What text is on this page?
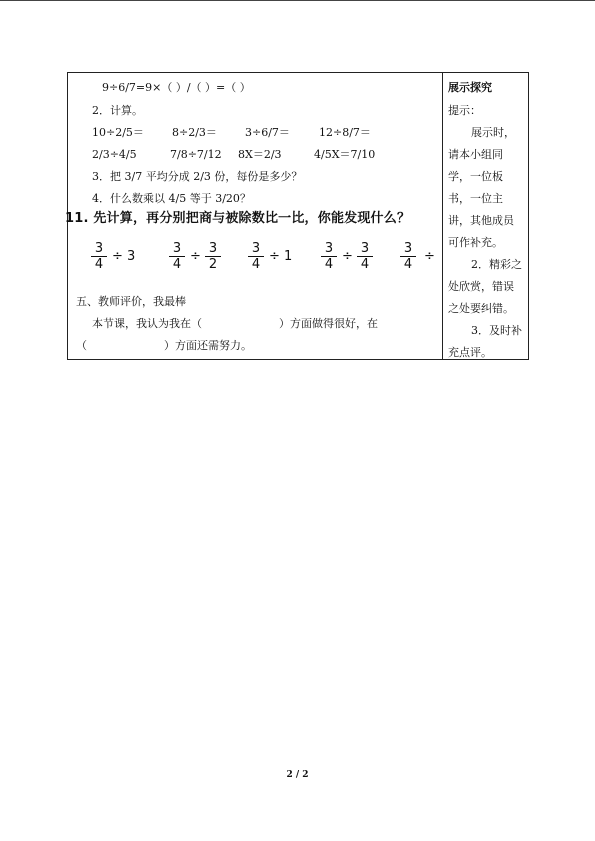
9÷6/7=9×（ ）/（ ）=（ ）
2．计算。
10÷2/5＝	8÷2/3＝	3÷6/7＝	12÷8/7＝
2/3÷4/5	7/8÷7/12 8X＝2/3	4/5X＝7/10
3．把 3/7 平均分成 2/3 份，每份是多少？
4．什么数乘以 4/5 等于 3/20？
11. 先计算，再分别把商与被除数比一比，你能发现什么？
3
4
÷ 3
3
4
÷
3
2
3
4
÷ 1
3
4
÷
3
4
3
4
÷
五、教师评价，我最棒
本节课，我认为我在（　　　　　　　）方面做得很好，在
（　　　　　　　）方面还需努力。
展示探究
提示：
展示时，
请本小组同
学，一位板
书，一位主
讲，其他成员
可作补充。
2．精彩之
处欣赏，错误
之处要纠错。
3．及时补
充点评。
2 / 2
